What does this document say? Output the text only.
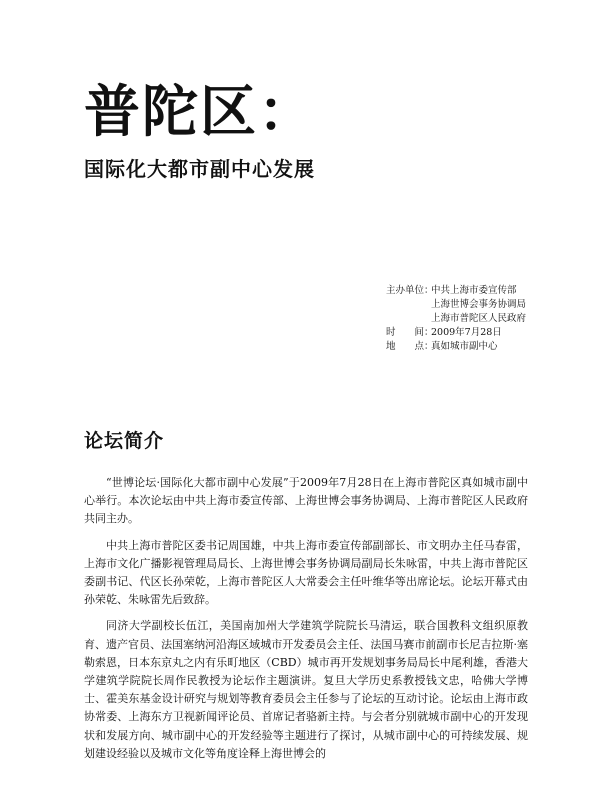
普陀区：
国际化大都市副中心发展
主办单位：
中共上海市委宣传部
上海世博会事务协调局
上海市普陀区人民政府
时　　间：
2009年7月28日
地　　点：
真如城市副中心
论坛简介

“世博论坛·国际化大都市副中心发展”于2009年7月28日在上海市普陀区真如城市副中心举行。本次论坛由中共上海市委宣传部、上海世博会事务协调局、上海市普陀区人民政府共同主办。

中共上海市普陀区委书记周国雄，中共上海市委宣传部副部长、市文明办主任马春雷，上海市文化广播影视管理局局长、上海世博会事务协调局副局长朱咏雷，中共上海市普陀区委副书记、代区长孙荣乾，上海市普陀区人大常委会主任叶维华等出席论坛。论坛开幕式由孙荣乾、朱咏雷先后致辞。

同济大学副校长伍江，美国南加州大学建筑学院院长马清运，联合国教科文组织原教育、遗产官员、法国塞纳河沿海区域城市开发委员会主任、法国马赛市前副市长尼吉拉斯·塞勒索恩，日本东京丸之内有乐町地区（CBD）城市再开发规划事务局局长中尾利雄，香港大学建筑学院院长周作民教授为论坛作主题演讲。复旦大学历史系教授钱文忠，哈佛大学博士、霍美东基金设计研究与规划等教育委员会主任参与了论坛的互动讨论。论坛由上海市政协常委、上海东方卫视新闻评论员、首席记者骆新主持。与会者分别就城市副中心的开发现状和发展方向、城市副中心的开发经验等主题进行了探讨，从城市副中心的可持续发展、规划建设经验以及城市文化等角度诠释上海世博会的
